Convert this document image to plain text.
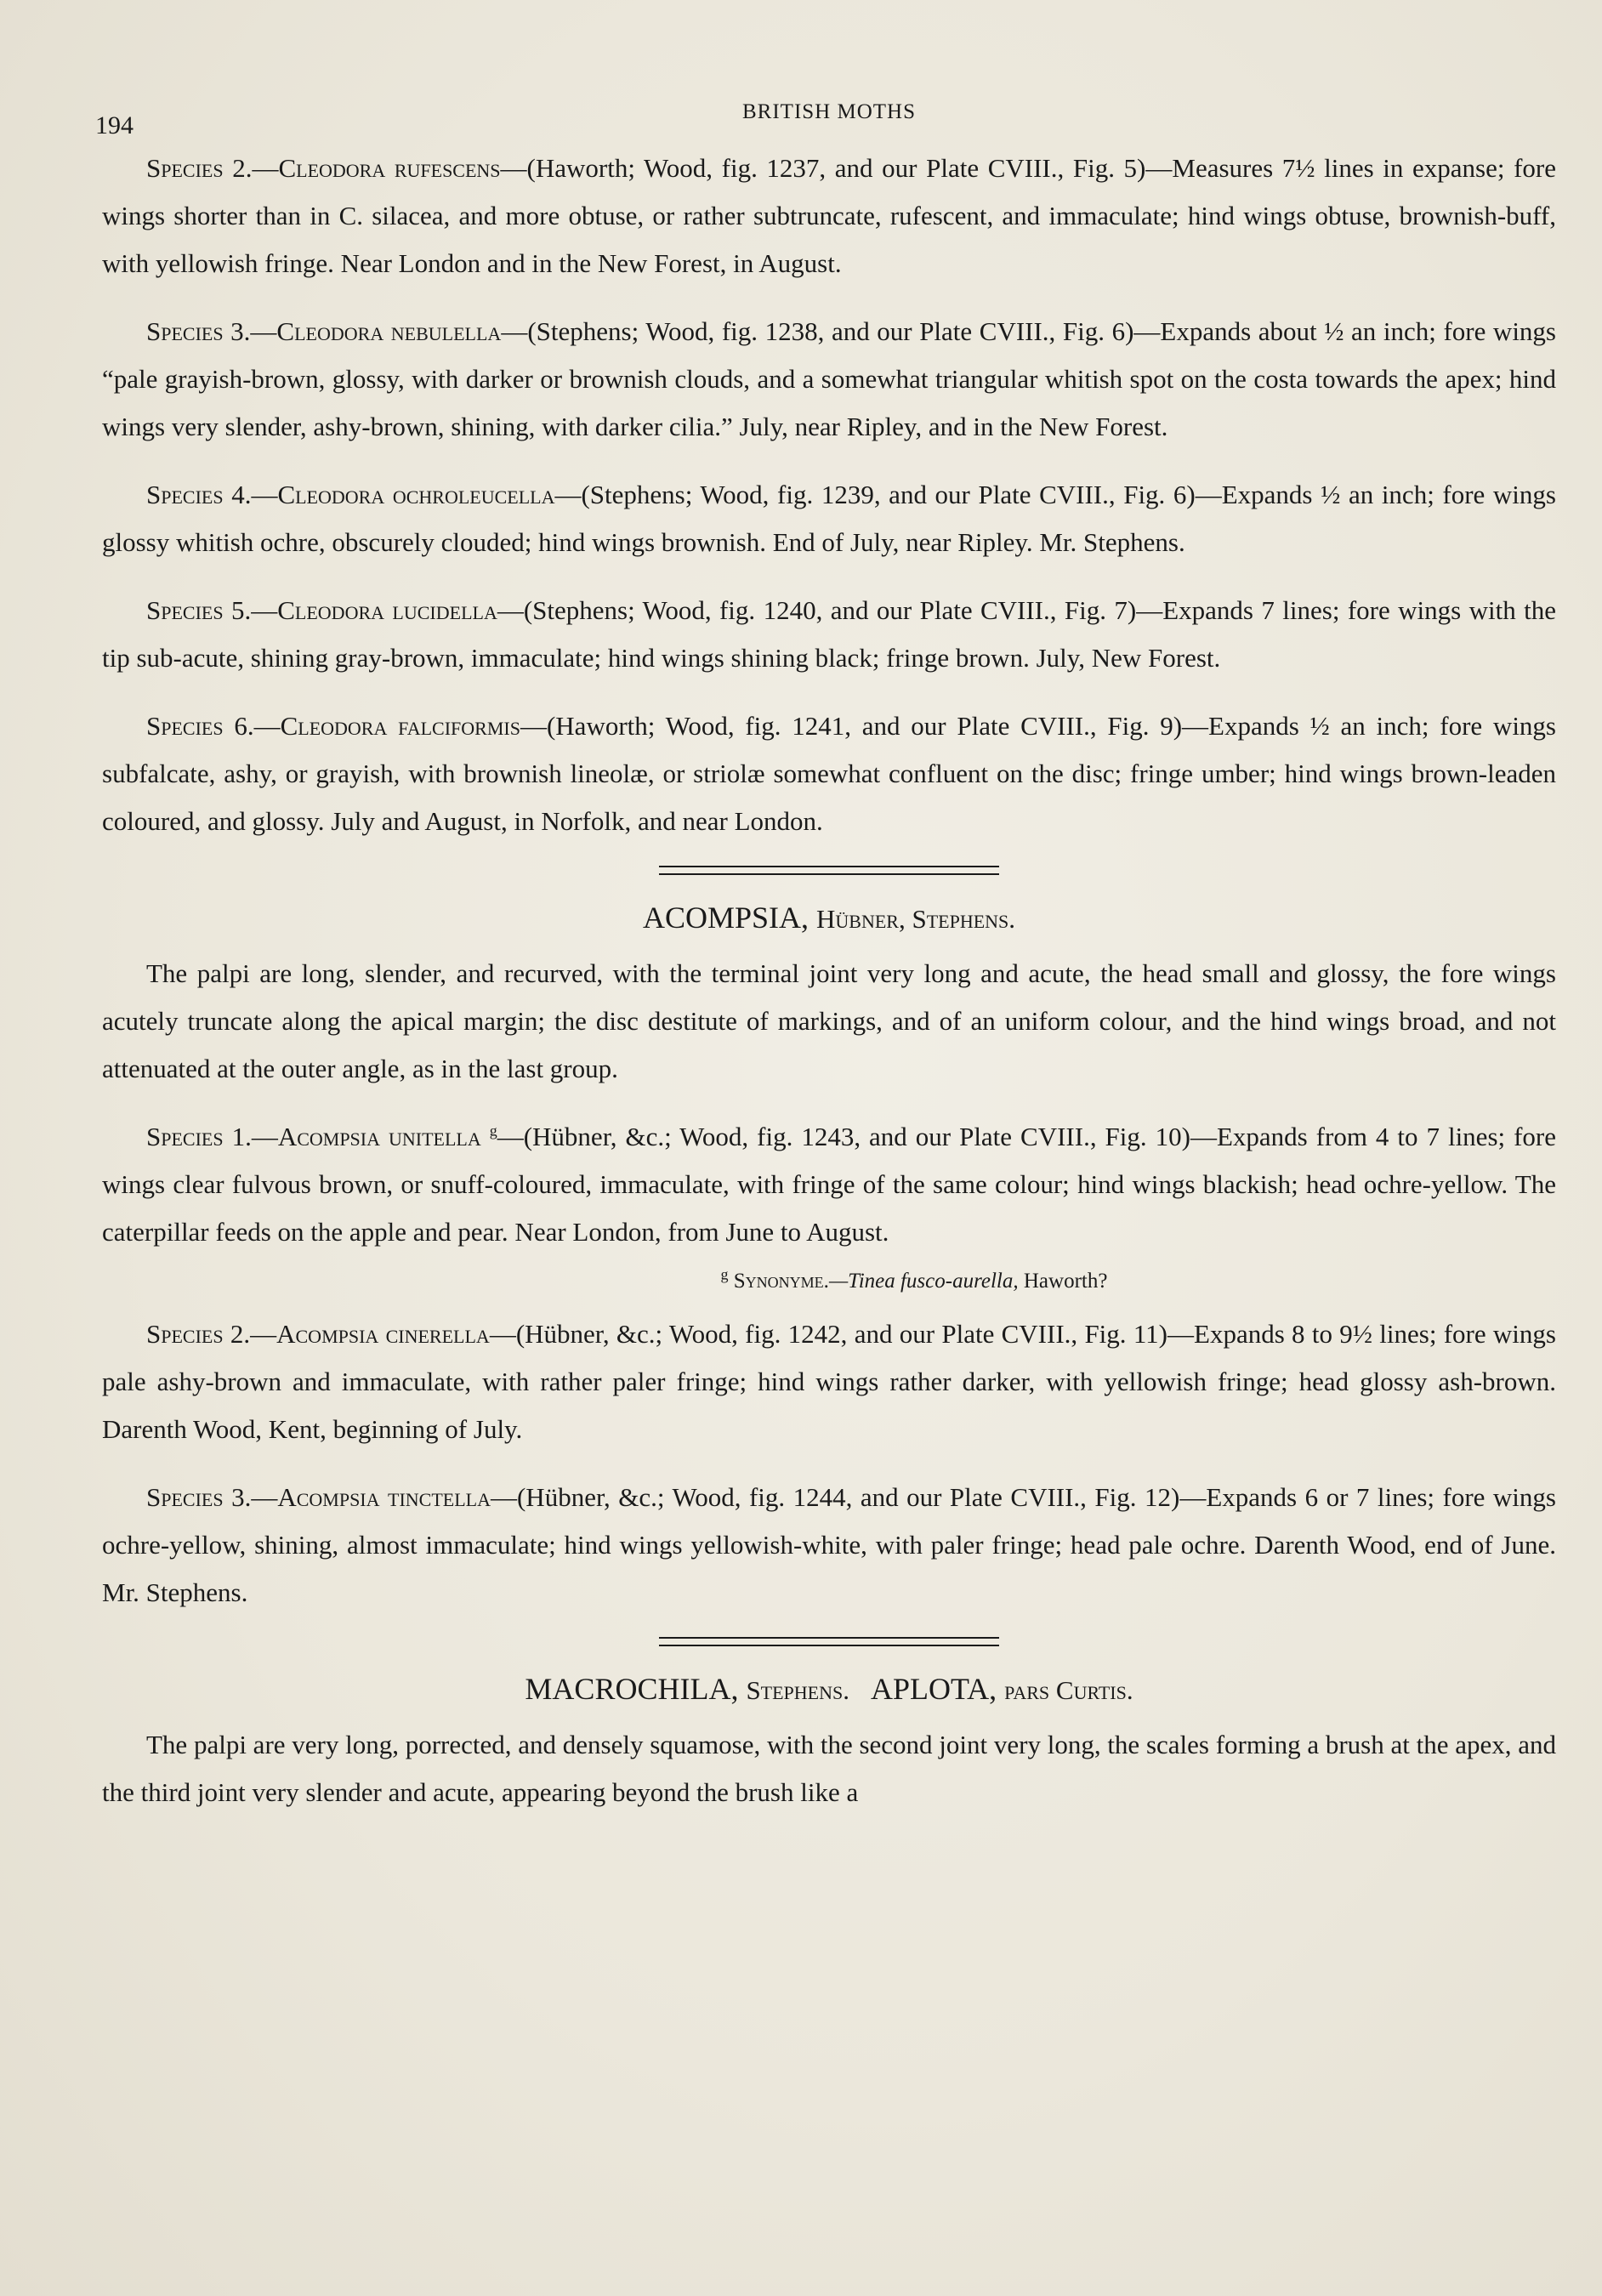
194	BRITISH MOTHS

Species 2.—Cleodora rufescens—(Haworth; Wood, fig. 1237, and our Plate CVIII., Fig. 5)—Measures 7½ lines in expanse; fore wings shorter than in C. silacea, and more obtuse, or rather subtruncate, rufescent, and immaculate; hind wings obtuse, brownish-buff, with yellowish fringe. Near London and in the New Forest, in August.

Species 3.—Cleodora nebulella—(Stephens; Wood, fig. 1238, and our Plate CVIII., Fig. 6)—Expands about ½ an inch; fore wings “pale grayish-brown, glossy, with darker or brownish clouds, and a somewhat triangular whitish spot on the costa towards the apex; hind wings very slender, ashy-brown, shining, with darker cilia.” July, near Ripley, and in the New Forest.

Species 4.—Cleodora ochroleucella—(Stephens; Wood, fig. 1239, and our Plate CVIII., Fig. 6)—Expands ½ an inch; fore wings glossy whitish ochre, obscurely clouded; hind wings brownish. End of July, near Ripley. Mr. Stephens.

Species 5.—Cleodora lucidella—(Stephens; Wood, fig. 1240, and our Plate CVIII., Fig. 7)—Expands 7 lines; fore wings with the tip sub-acute, shining gray-brown, immaculate; hind wings shining black; fringe brown. July, New Forest.

Species 6.—Cleodora falciformis—(Haworth; Wood, fig. 1241, and our Plate CVIII., Fig. 9)—Expands ½ an inch; fore wings subfalcate, ashy, or grayish, with brownish lineolæ, or striolæ somewhat confluent on the disc; fringe umber; hind wings brown-leaden coloured, and glossy. July and August, in Norfolk, and near London.

ACOMPSIA, Hübner, Stephens.

The palpi are long, slender, and recurved, with the terminal joint very long and acute, the head small and glossy, the fore wings acutely truncate along the apical margin; the disc destitute of markings, and of an uniform colour, and the hind wings broad, and not attenuated at the outer angle, as in the last group.

Species 1.—Acompsia unitella $^g$—(Hübner, &c.; Wood, fig. 1243, and our Plate CVIII., Fig. 10)—Expands from 4 to 7 lines; fore wings clear fulvous brown, or snuff-coloured, immaculate, with fringe of the same colour; hind wings blackish; head ochre-yellow. The caterpillar feeds on the apple and pear. Near London, from June to August.

$^g$ Synonyme.—Tinea fusco-aurella, Haworth?

Species 2.—Acompsia cinerella—(Hübner, &c.; Wood, fig. 1242, and our Plate CVIII., Fig. 11)—Expands 8 to 9½ lines; fore wings pale ashy-brown and immaculate, with rather paler fringe; hind wings rather darker, with yellowish fringe; head glossy ash-brown. Darenth Wood, Kent, beginning of July.

Species 3.—Acompsia tinctella—(Hübner, &c.; Wood, fig. 1244, and our Plate CVIII., Fig. 12)—Expands 6 or 7 lines; fore wings ochre-yellow, shining, almost immaculate; hind wings yellowish-white, with paler fringe; head pale ochre. Darenth Wood, end of June. Mr. Stephens.

MACROCHILA, Stephens. APLOTA, pars Curtis.

The palpi are very long, porrected, and densely squamose, with the second joint very long, the scales forming a brush at the apex, and the third joint very slender and acute, appearing beyond the brush like a
